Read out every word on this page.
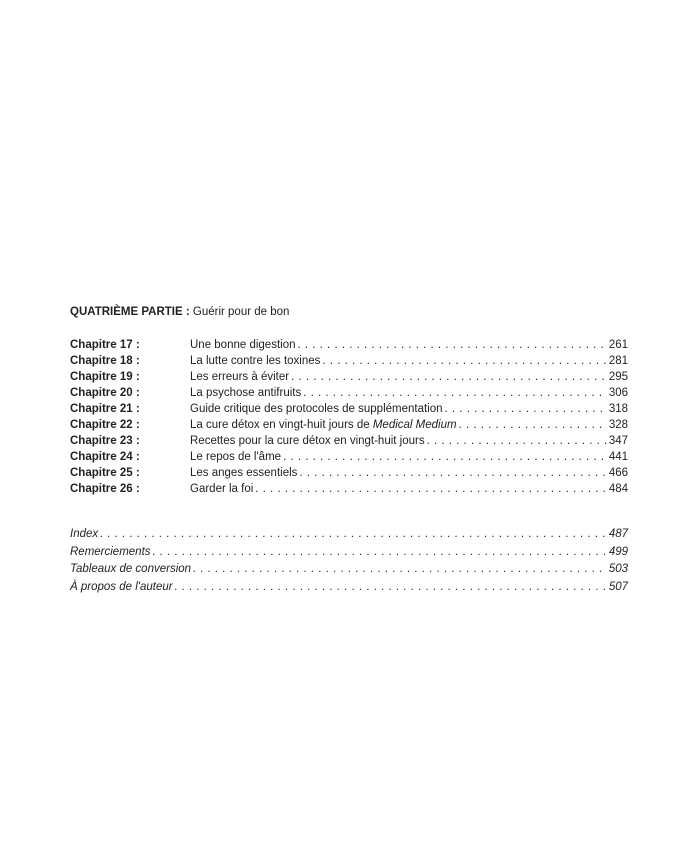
QUATRIÈME PARTIE : Guérir pour de bon
Chapitre 17 :	Une bonne digestion . . .	261
Chapitre 18 :	La lutte contre les toxines . . .	281
Chapitre 19 :	Les erreurs à éviter . . .	295
Chapitre 20 :	La psychose antifruits . . .	306
Chapitre 21 :	Guide critique des protocoles de supplémentation . . .	318
Chapitre 22 :	La cure détox en vingt-huit jours de Medical Medium . . .	328
Chapitre 23 :	Recettes pour la cure détox en vingt-huit jours . . .	347
Chapitre 24 :	Le repos de l'âme . . .	441
Chapitre 25 :	Les anges essentiels . . .	466
Chapitre 26 :	Garder la foi . . .	484
Index . . .	487
Remerciements . . .	499
Tableaux de conversion . . .	503
À propos de l'auteur . . .	507
